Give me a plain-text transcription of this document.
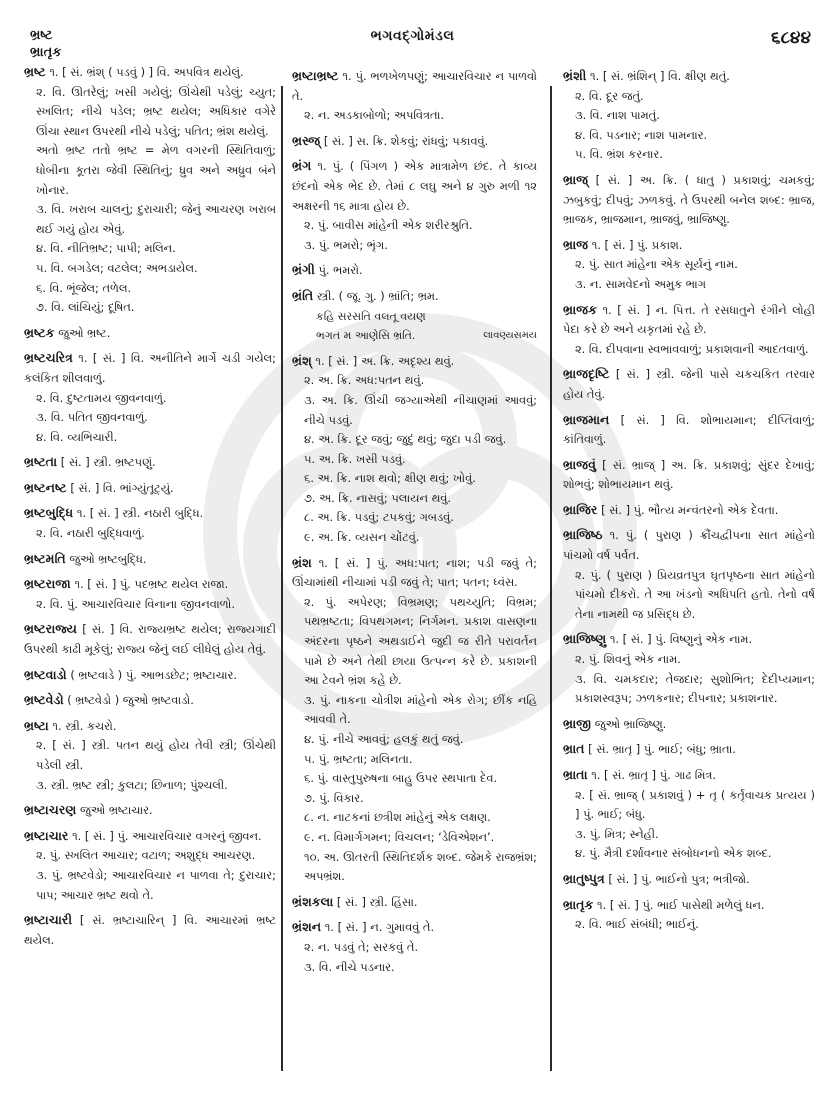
ભ્રષ્ટ
ભ્રાતૃક
ભગવદ્ગોમંડલ	૬૮૪૪
ભ્રષ્ટ ૧. [ સં. ભ્રંશ્ ( પડવું ) ] વિ. અપવિત્ર થયેલું.
૨. વિ. ઊતરેલું; ખસી ગયેલું; ઊંચેથી પડેલું; ચ્યુત; સ્ખલિત; નીચે પડેલ; ભ્રષ્ટ થયેલ; અધિકાર વગેરે ઊંચા સ્થાન ઉપરથી નીચે પડેલું; પતિત; ભ્રંશ થયેલું.
અતો ભ્રષ્ટ તતો ભ્રષ્ટ = મેળ વગરની સ્થિતિવાળું; ધોબીના કૂતરા જેવી સ્થિતિનું; ધ્રુવ અને અધ્રુવ બંને ખોનાર.
૩. વિ. ખરાબ ચાલનું; દુરાચારી; જેનું આચરણ ખરાબ થઈ ગયું હોય એવું.
૪. વિ. નીતિભ્રષ્ટ; પાપી; મલિન.
૫. વિ. બગડેલ; વટલેલ; અભડાયેલ.
૬. વિ. ભૂંજેલ; તળેલ.
૭. વિ. લાંચિયું; દૂષિત.
ભ્રષ્ટક જુઓ ભ્રષ્ટ.
ભ્રષ્ટચરિત્ર ૧. [ સં. ] વિ. અનીતિને માર્ગે ચડી ગયેલ; કલંકિત શીલવાળું.
૨. વિ. દુષ્ટતામય જીવનવાળું.
૩. વિ. પતિત જીવનવાળું.
૪. વિ. વ્યભિચારી.
ભ્રષ્ટતા [ સં. ] સ્ત્રી. ભ્રષ્ટપણું.
ભ્રષ્ટનષ્ટ [ સં. ] વિ. ભાંગ્યુંતૂટ્યું.
ભ્રષ્ટબુદ્ધિ ૧. [ સં. ] સ્ત્રી. નઠારી બુદ્ધિ.
૨. વિ. નઠારી બુદ્ધિવાળું.
ભ્રષ્ટમતિ જુઓ ભ્રષ્ટબુદ્ધિ.
ભ્રષ્ટરાજા ૧. [ સં. ] પું. પદભ્રષ્ટ થયેલ રાજા.
૨. વિ. પું. આચારવિચાર વિનાના જીવનવાળો.
ભ્રષ્ટરાજ્ય [ સં. ] વિ. રાજ્યભ્રષ્ટ થયેલ; રાજ્યગાદી ઉપરથી કાઢી મૂકેલું; રાજ્ય જેનું લઈ લીધેલું હોય તેવું.
ભ્રષ્ટવાડો ( ભ્રષ્ટવાડે ) પું. આભડછેટ; ભ્રષ્ટાચાર.
ભ્રષ્ટવેડો ( ભ્રષ્ટવેડો ) જુઓ ભ્રષ્ટવાડો.
ભ્રષ્ટા ૧. સ્ત્રી. કચરો.
૨. [ સં. ] સ્ત્રી. પતન થયું હોય તેવી સ્ત્રી; ઊંચેથી પડેલી સ્ત્રી.
૩. સ્ત્રી. ભ્રષ્ટ સ્ત્રી; કુલટા; છિનાળ; પુંશ્ચલી.
ભ્રષ્ટાચરણ જુઓ ભ્રષ્ટાચાર.
ભ્રષ્ટાચાર ૧. [ સં. ] પું. આચારવિચાર વગરનું જીવન.
૨. પું. સ્ખલિત આચાર; વટાળ; અશુદ્ધ આચરણ.
૩. પું. ભ્રષ્ટવેડો; આચારવિચાર ન પાળવા તે; દુરાચાર; પાપ; આચાર ભ્રષ્ટ થવો તે.
ભ્રષ્ટાચારી [ સં. ભ્રષ્ટાચારિન્ ] વિ. આચારમાં ભ્રષ્ટ થયેલ.
ભ્રષ્ટાભ્રષ્ટ ૧. પું. ભળખેળપણું; આચારવિચાર ન પાળવો તે.
૨. ન. અડકાબોળો; અપવિત્રતા.
ભ્રસ્જ્ [ સં. ] સ. ક્રિ. શેકવું; રાંધવું; પકાવવું.
ભ્રંગ ૧. પું. ( પિંગળ ) એક માત્રામેળ છંદ. તે કાવ્ય છંદનો એક ભેદ છે. તેમાં ૮ લઘુ અને ૪ ગુરુ મળી ૧૨ અક્ષરની ૧૬ માત્રા હોય છે.
૨. પું. બાવીસ માંહેની એક શરીરશ્રુતિ.
૩. પું. ભમરો; ભૃંગ.
ભ્રંગી પું. ભમરો.
ભ્રંતિ સ્ત્રી. ( જૂ. ગુ. ) ભ્રાંતિ; ભ્રમ.
કહિ સરસતિ વલતૂ વયણ
ભગત મ આણેસિ ભ્રંતિ.	લાવણ્યસમય
ભ્રંશ્ ૧. [ સં. ] અ. ક્રિ. અદૃશ્ય થવું.
૨. અ. ક્રિ. અધ:પતન થવું.
૩. અ. ક્રિ. ઊંચી જગ્યાએથી નીચાણમાં આવવું; નીચે પડવું.
૪. અ. ક્રિ. દૂર જવું; જુદું થવું; જુદા પડી જવું.
૫. અ. ક્રિ. ખસી પડવું.
૬. અ. ક્રિ. નાશ થવો; ક્ષીણ થવું; ખોવું.
૭. અ. ક્રિ. નાસવું; પલાયન થવું.
૮. અ. ક્રિ. પડવું; ટપકવું; ગબડવું.
૯. અ. ક્રિ. વ્યસન ચોંટવું.
ભ્રંશ ૧. [ સં. ] પું. અધ:પાત; નાશ; પડી જવું તે; ઊંચામાંથી નીચામાં પડી જવું તે; પાત; પતન; ધ્વંસ.
૨. પું. અપેરણ; વિભ્રમણ; પથચ્યુતિ; વિભ્રમ; પથભ્રષ્ટતા; વિપથગમન; નિર્ગમન. પ્રકાશ વાસણના અંદરના પૃષ્ઠને અથડાઈને જુદી જ રીતે પરાવર્તન પામે છે અને તેથી છાયા ઉત્પન્ન કરે છે. પ્રકાશની આ ટેવને ભ્રંશ કહે છે.
૩. પું. નાકના ચોત્રીશ માંહેનો એક રોગ; છીંક નહિ આવવી તે.
૪. પું. નીચે આવવું; હલકું થતું જવું.
૫. પું. ભ્રષ્ટતા; મલિનતા.
૬. પું. વાસ્તુપુરુષના બાહુ ઉપર સ્થપાતા દેવ.
૭. પું. વિકાર.
૮. ન. નાટકનાં છત્રીશ માંહેનું એક લક્ષણ.
૯. ન. વિમાર્ગગમન; વિચલન; ‘ડેવિએશન’.
૧૦. અ. ઊતરતી સ્થિતિદર્શક શબ્દ. જેમકે રાજભ્રંશ; અપભ્રંશ.
ભ્રંશકલા [ સં. ] સ્ત્રી. હિંસા.
ભ્રંશન ૧. [ સં. ] ન. ગુમાવવું તે.
૨. ન. પડવું તે; સરકવું તે.
૩. વિ. નીચે પડનાર.
ભ્રંશી ૧. [ સં. ભ્રંશિન્ ] વિ. ક્ષીણ થતું.
૨. વિ. દૂર જતું.
૩. વિ. નાશ પામતું.
૪. વિ. પડનાર; નાશ પામનાર.
૫. વિ. ભ્રંશ કરનાર.
ભ્રાજ્ [ સં. ] અ. ક્રિ. ( ધાતુ ) પ્રકાશવું; ચમકવું; ઝબુકવું; દીપવું; ઝળકવું. તે ઉપરથી બનેલ શબ્દ: ભ્રાજ, ભ્રાજક, ભ્રાજમાન, ભ્રાજવું, ભ્રાજિષ્ણુ.
ભ્રાજ ૧. [ સં. ] પું. પ્રકાશ.
૨. પું. સાત માંહેના એક સૂર્યનું નામ.
૩. ન. સામવેદનો અમુક ભાગ
ભ્રાજક ૧. [ સં. ] ન. પિત્ત. તે રસધાતુને રંગીને લોહી પેદા કરે છે અને યકૃતમાં રહે છે.
૨. વિ. દીપવાના સ્વભાવવાળું; પ્રકાશવાની આદતવાળું.
ભ્રાજદૃષ્ટિ [ સં. ] સ્ત્રી. જેની પાસે ચકચકિત તરવાર હોય તેવું.
ભ્રાજમાન [ સં. ] વિ. શોભાયમાન; દીપ્તિવાળું; કાંતિવાળું.
ભ્રાજવું [ સં. ભ્રાજ્ ] અ. ક્રિ. પ્રકાશવું; સુંદર દેખાવું; શોભવું; શોભાયમાન થવું.
ભ્રાજિર [ સં. ] પું. ભૌત્ય મન્વંતરનો એક દેવતા.
ભ્રાજિષ્ઠ ૧. પું. ( પુરાણ ) ક્રૌંચદ્વીપના સાત માંહેનો પાંચમો વર્ષ પર્વત.
૨. પું. ( પુરાણ ) પ્રિયવ્રતપુત્ર ઘૃતપૃષ્ઠના સાત માંહેનો પાંચમો દીકરો. તે આ ખંડનો અધિપતિ હતો. તેનો વર્ષ તેના નામથી જ પ્રસિદ્ધ છે.
ભ્રાજિષ્ણુ ૧. [ સં. ] પું. વિષ્ણુનું એક નામ.
૨. પું. શિવનું એક નામ.
૩. વિ. ચમકદાર; તેજદાર; સુશોભિત; દેદીપ્યમાન; પ્રકાશસ્વરૂપ; ઝળકનાર; દીપનાર; પ્રકાશનાર.
ભ્રાજી જુઓ ભ્રાજિષ્ણુ.
ભ્રાત [ સં. ભ્રાતૃ ] પું. ભાઈ; બંધુ; ભ્રાતા.
ભ્રાતા ૧. [ સં. ભ્રાતૃ ] પું. ગાઢ મિત્ર.
૨. [ સં. ભ્રાજ્ ( પ્રકાશવું ) + તૃ ( કર્તૃવાચક પ્રત્યય ) ] પું. ભાઈ; બંધુ.
૩. પું. મિત્ર; સ્નેહી.
૪. પું. મૈત્રી દર્શાવનાર સંબોધનનો એક શબ્દ.
ભ્રાતુષ્પુત્ર [ સં. ] પું. ભાઈનો પુત્ર; ભત્રીજો.
ભ્રાતૃક ૧. [ સં. ] પું. ભાઈ પાસેથી મળેલું ધન.
૨. વિ. ભાઈ સંબંધી; ભાઈનું.
